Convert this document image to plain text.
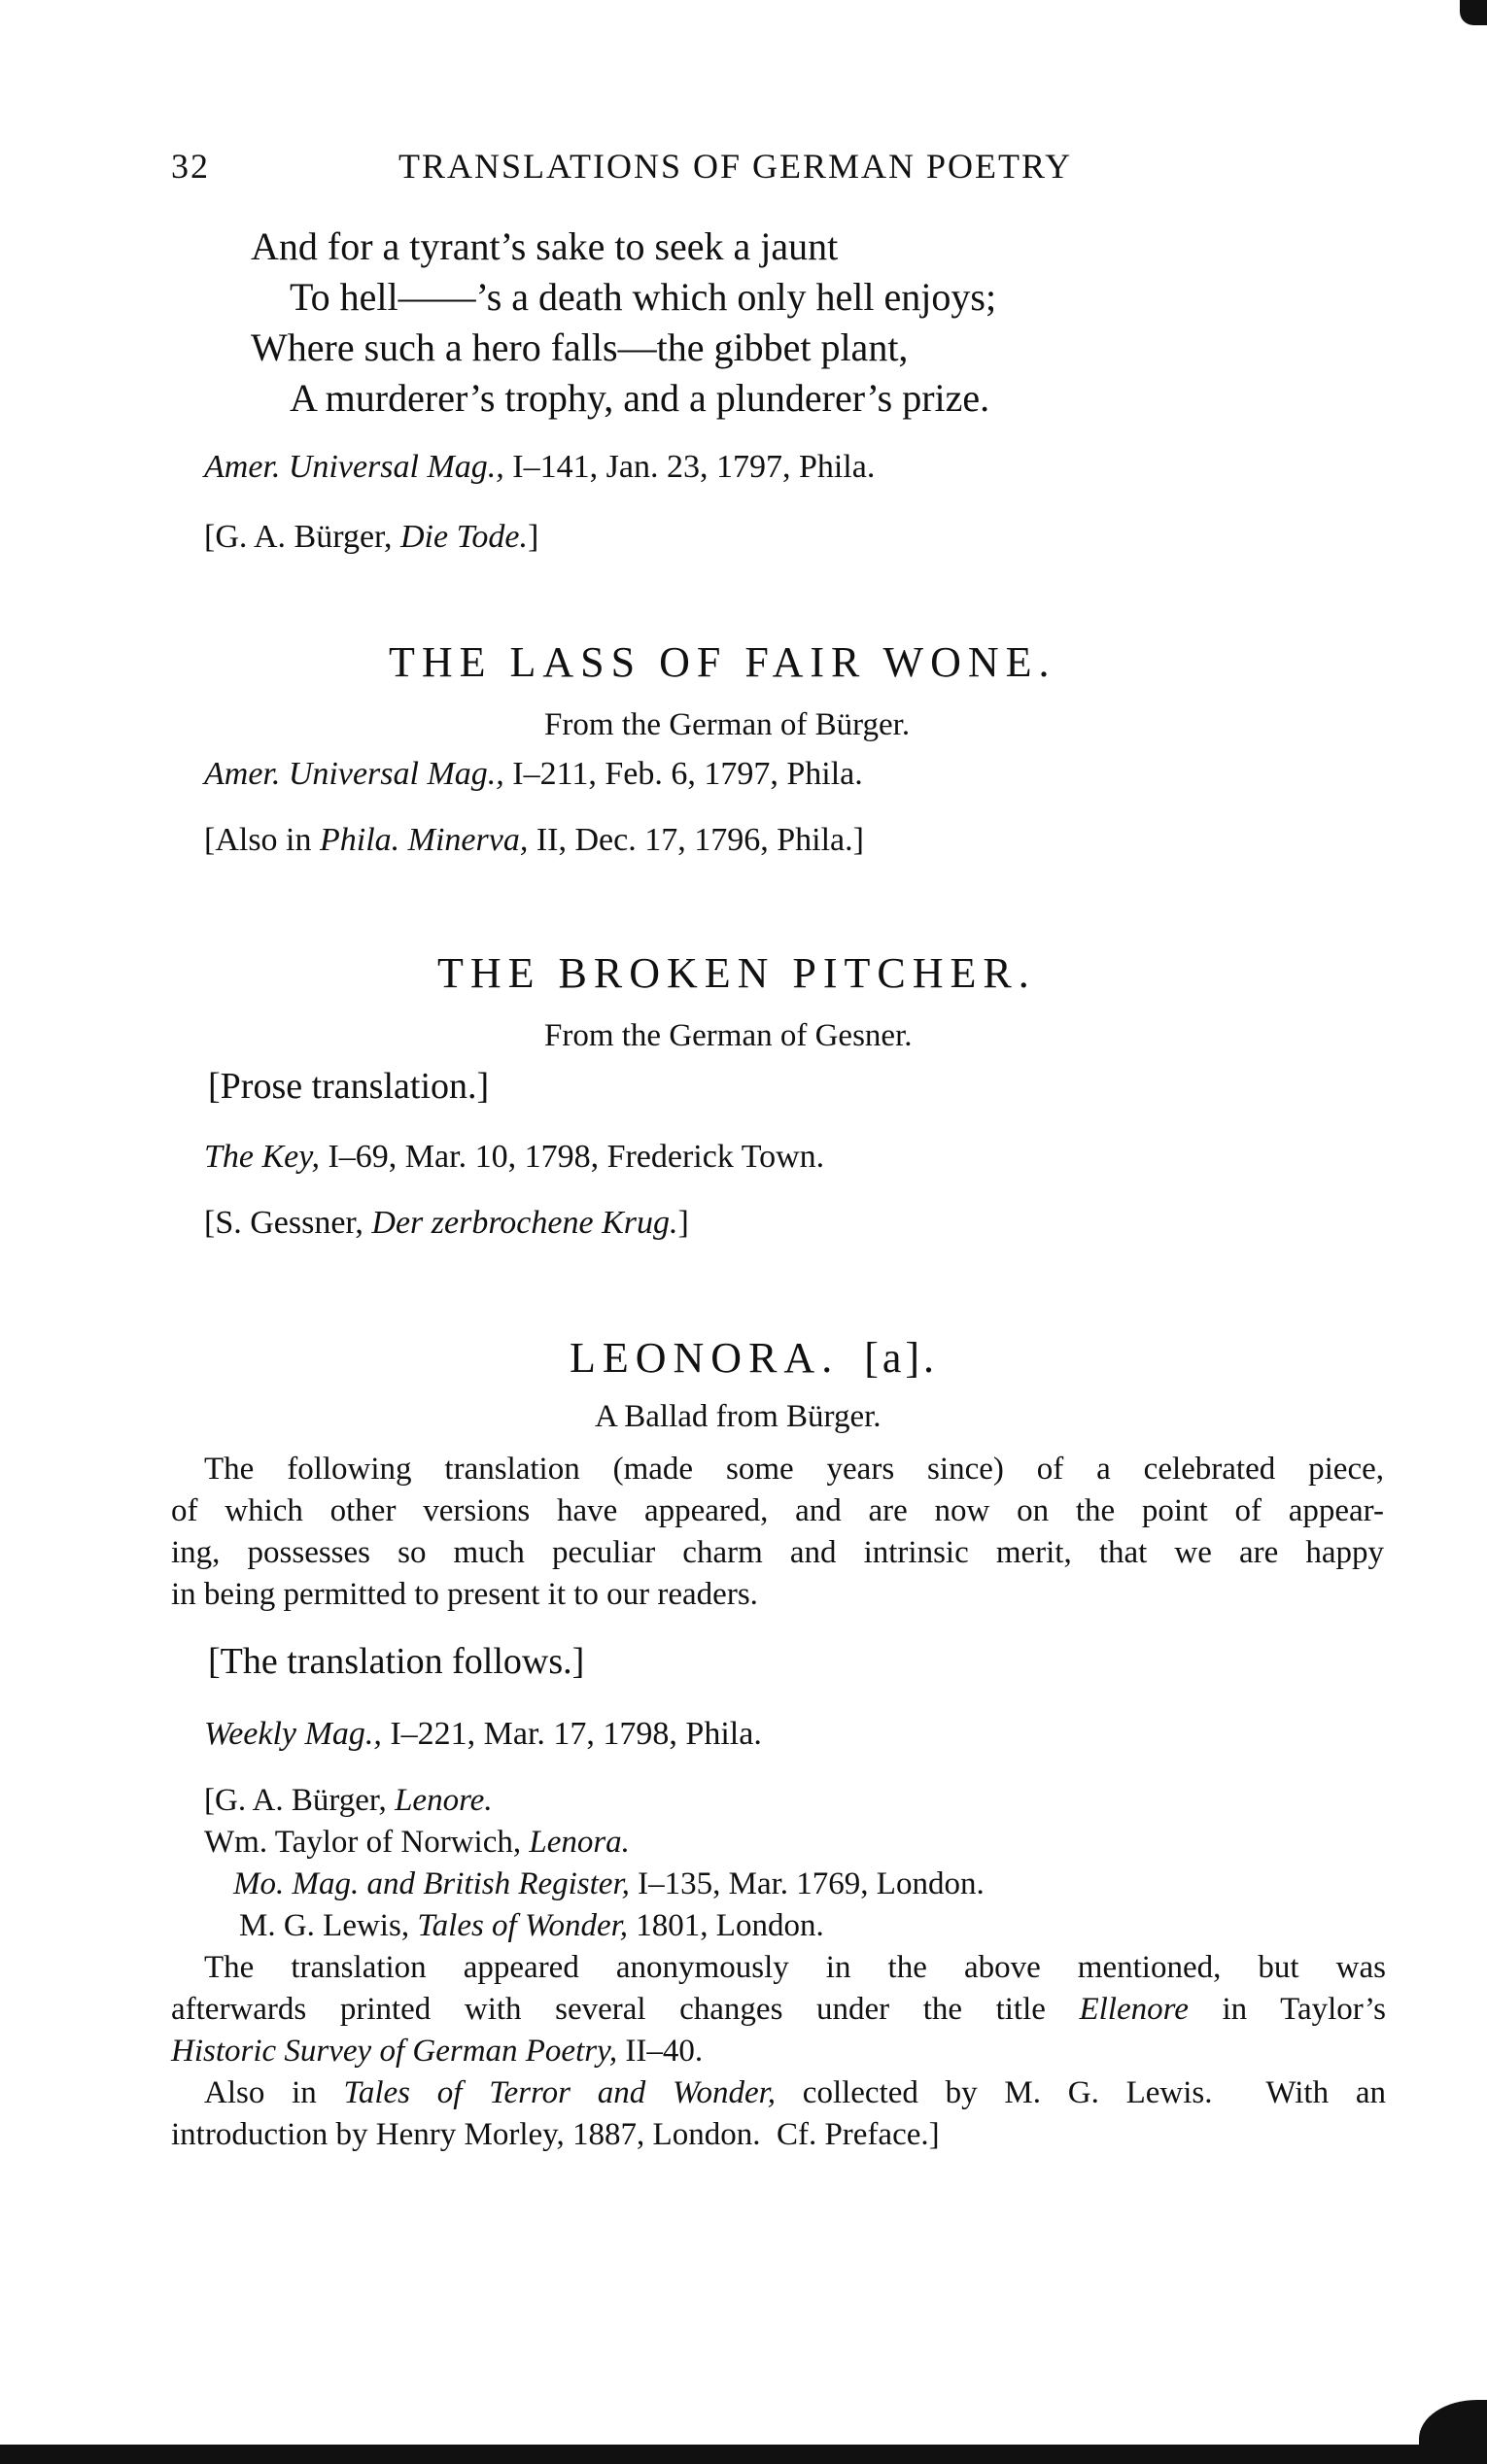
32	TRANSLATIONS OF GERMAN POETRY
And for a tyrant’s sake to seek a jaunt
To hell——’s a death which only hell enjoys;
Where such a hero falls—the gibbet plant,
A murderer’s trophy, and a plunderer’s prize.
Amer. Universal Mag., I–141, Jan. 23, 1797, Phila.
[G. A. Bürger, Die Tode.]
THE LASS OF FAIR WONE.
From the German of Bürger.
Amer. Universal Mag., I–211, Feb. 6, 1797, Phila.
[Also in Phila. Minerva, II, Dec. 17, 1796, Phila.]
THE BROKEN PITCHER.
From the German of Gesner.
[Prose translation.]
The Key, I–69, Mar. 10, 1798, Frederick Town.
[S. Gessner, Der zerbrochene Krug.]
LEONORA. [a].
A Ballad from Bürger.
The following translation (made some years since) of a celebrated piece,
of which other versions have appeared, and are now on the point of appear-
ing, possesses so much peculiar charm and intrinsic merit, that we are happy
in being permitted to present it to our readers.
[The translation follows.]
Weekly Mag., I–221, Mar. 17, 1798, Phila.
[G. A. Bürger, Lenore.
Wm. Taylor of Norwich, Lenora.
Mo. Mag. and British Register, I–135, Mar. 1769, London.
M. G. Lewis, Tales of Wonder, 1801, London.
The translation appeared anonymously in the above mentioned, but was
afterwards printed with several changes under the title Ellenore in Taylor’s
Historic Survey of German Poetry, II–40.
Also in Tales of Terror and Wonder, collected by M. G. Lewis.  With an
introduction by Henry Morley, 1887, London.  Cf. Preface.]
